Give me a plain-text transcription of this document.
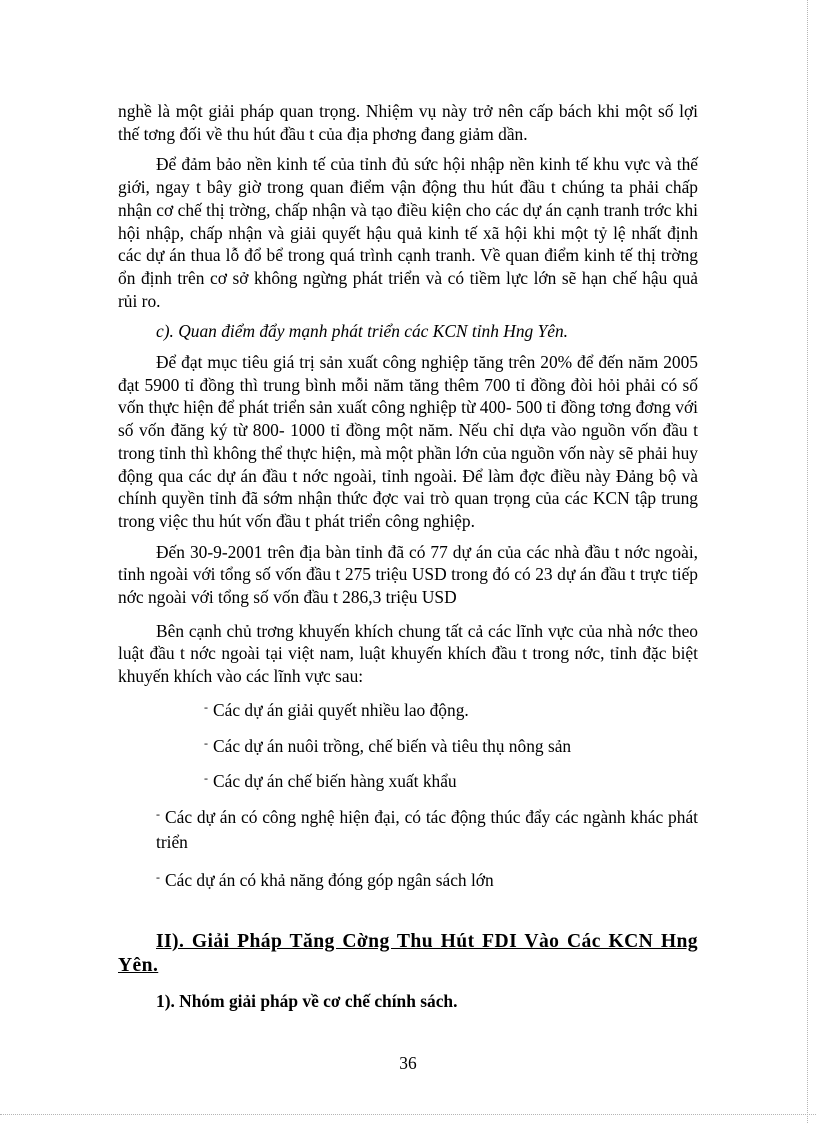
nghề là một giải pháp quan trọng. Nhiệm vụ này trở nên cấp bách khi một số lợi thế tơng đối về thu hút đầu t của địa phơng đang giảm dần.

Để đảm bảo nền kinh tế của tỉnh đủ sức hội nhập nền kinh tế khu vực và thế giới, ngay t bây giờ trong quan điểm vận động thu hút đầu t chúng ta phải chấp nhận cơ chế thị trờng, chấp nhận và tạo điều kiện cho các dự án cạnh tranh trớc khi hội nhập, chấp nhận và giải quyết hậu quả kinh tế xã hội khi một tỷ lệ nhất định các dự án thua lỗ đổ bể trong quá trình cạnh tranh. Về quan điểm kinh tế thị trờng ổn định trên cơ sở không ngừng phát triển và có tiềm lực lớn sẽ hạn chế hậu quả rủi ro.

c). Quan điểm đẩy mạnh phát triển các KCN tỉnh Hng Yên.

Để đạt mục tiêu giá trị sản xuất công nghiệp tăng trên 20% để đến năm 2005 đạt 5900 tỉ đồng thì trung bình mỗi năm tăng thêm 700 tỉ đồng đòi hỏi phải có số vốn thực hiện để phát triển sản xuất công nghiệp từ 400- 500 tỉ đồng tơng đơng với số vốn đăng ký từ 800- 1000 tỉ đồng một năm. Nếu chỉ dựa vào nguồn vốn đầu t trong tỉnh thì không thể thực hiện, mà một phần lớn của nguồn vốn này sẽ phải huy động qua các dự án đầu t nớc ngoài, tỉnh ngoài. Để làm đợc điều này Đảng bộ và chính quyền tỉnh đã sớm nhận thức đợc vai trò quan trọng của các KCN tập trung trong việc thu hút vốn đầu t phát triển công nghiệp.

Đến 30-9-2001 trên địa bàn tỉnh đã có 77 dự án của các nhà đầu t nớc ngoài, tỉnh ngoài với tổng số vốn đầu t 275 triệu USD trong đó có 23 dự án đầu t trực tiếp nớc ngoài với tổng số vốn đầu t 286,3 triệu USD

Bên cạnh chủ trơng khuyến khích chung tất cả các lĩnh vực của nhà nớc theo luật đầu t nớc ngoài tại việt nam, luật khuyến khích đầu t trong nớc, tỉnh đặc biệt khuyến khích vào các lĩnh vực sau:

- Các dự án giải quyết nhiều lao động.

- Các dự án nuôi trồng, chế biến và tiêu thụ nông sản

- Các dự án chế biến hàng xuất khẩu

- Các dự án có công nghệ hiện đại, có tác động thúc đẩy các ngành khác phát triển

- Các dự án có khả năng đóng góp ngân sách lớn

II). Giải Pháp Tăng Cờng Thu Hút FDI Vào Các KCN Hng Yên.

1). Nhóm giải pháp về cơ chế chính sách.

36
